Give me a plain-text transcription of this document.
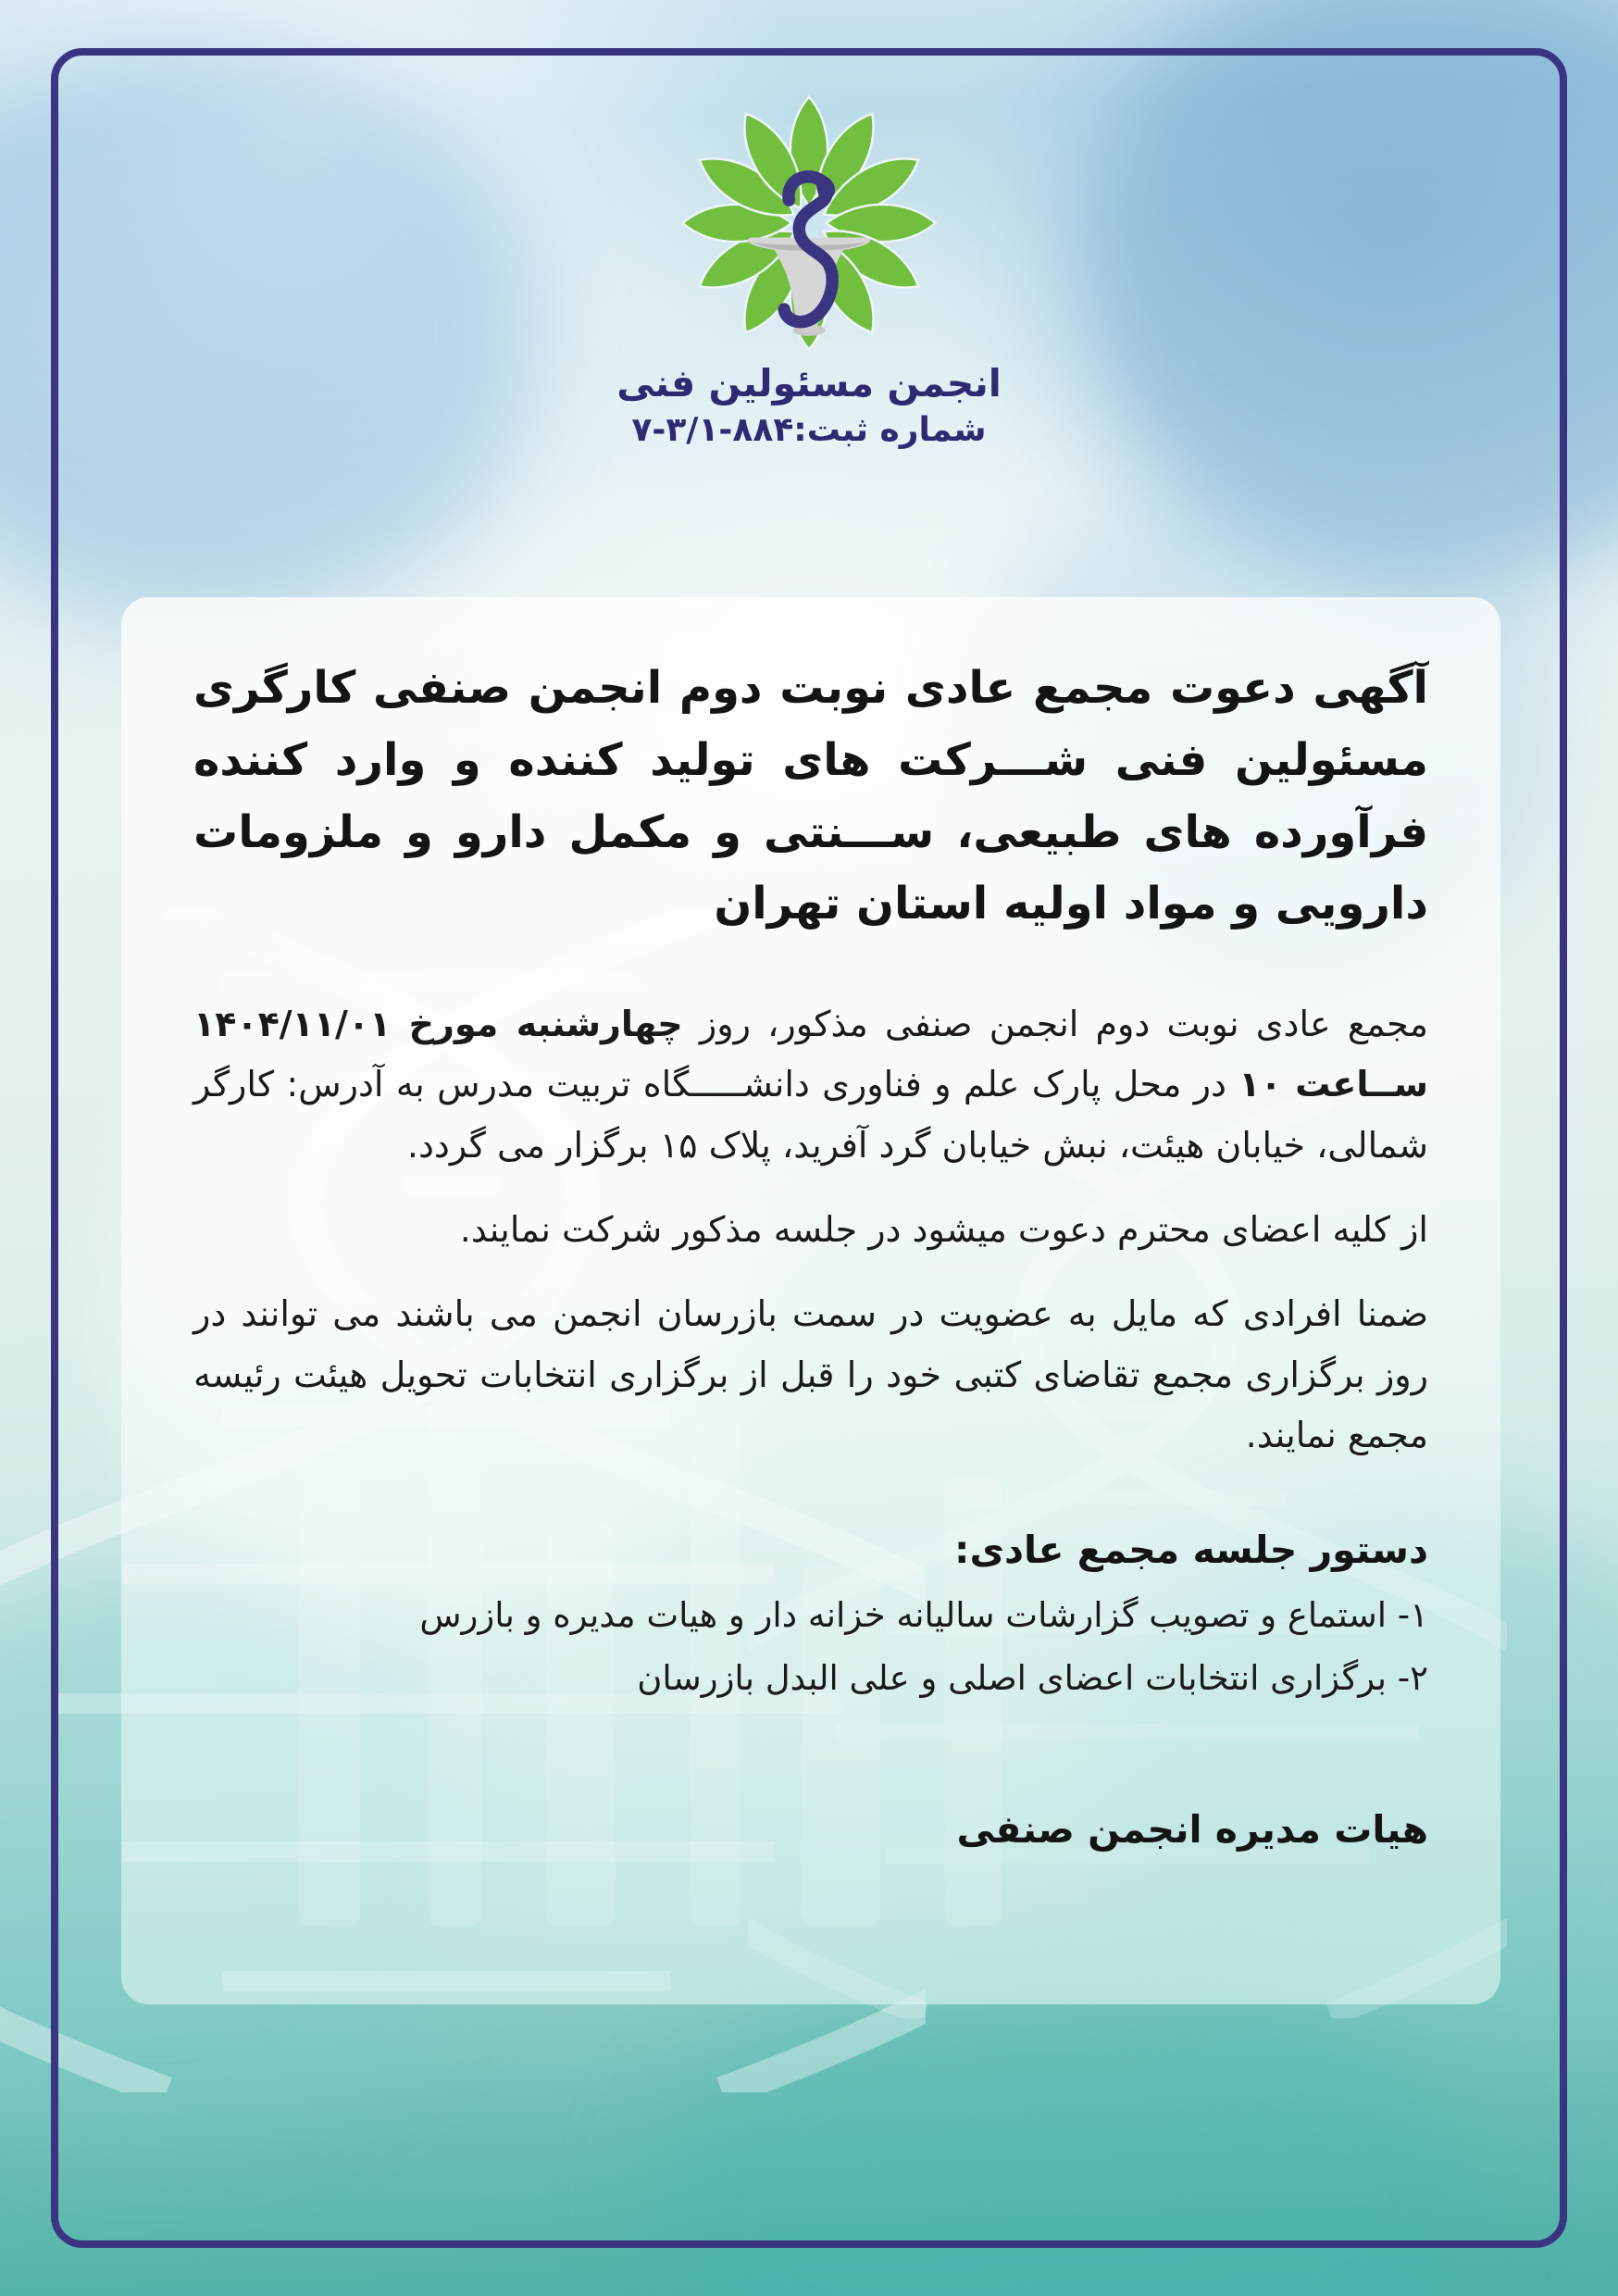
انجمن مسئولین فنی
شماره ثبت:۸۸۴-۳/۱-۷
آگهی دعوت مجمع عادی نوبت دوم انجمن صنفی کارگری مسئولین فنی شـــرکت های تولید کننده و وارد کننده فرآورده های طبیعی، ســـنتی و مکمل دارو و ملزومات دارویی و مواد اولیه استان تهران

مجمع عادی نوبت دوم انجمن صنفی مذکور، روز چهارشنبه مورخ ۱۴۰۴/۱۱/۰۱ ســاعت ۱۰ در محل پارک علم و فناوری دانشـــــگاه تربیت مدرس به آدرس: کارگر شمالی، خیابان هیئت، نبش خیابان گرد آفرید، پلاک ۱۵ برگزار می گردد.

از کلیه اعضای محترم دعوت میشود در جلسه مذکور شرکت نمایند.

ضمنا افرادی که مایل به عضویت در سمت بازرسان انجمن می باشند می توانند در روز برگزاری مجمع تقاضای کتبی خود را قبل از برگزاری انتخابات تحویل هیئت رئیسه مجمع نمایند.

دستور جلسه مجمع عادی:
۱- استماع و تصویب گزارشات سالیانه خزانه دار و هیات مدیره و بازرس
۲- برگزاری انتخابات اعضای اصلی و علی البدل بازرسان
هیات مدیره انجمن صنفی
